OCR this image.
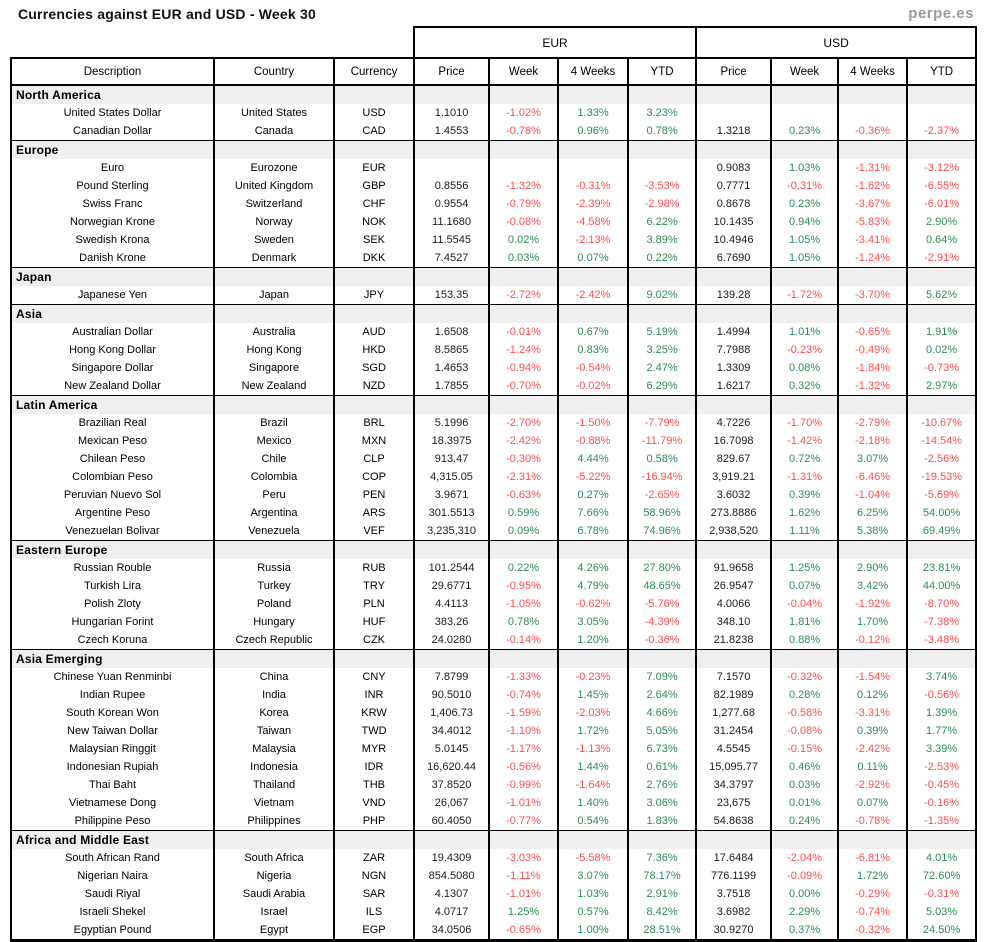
Currencies against EUR and USD - Week 30	perpe.es
			EUR				USD			
Description	Country	Currency	Price	Week	4 Weeks	YTD	Price	Week	4 Weeks	YTD
North America										
United States Dollar	United States	USD	1.1010	-1.02%	1.33%	3.23%				
Canadian Dollar	Canada	CAD	1.4553	-0.78%	0.96%	0.78%	1.3218	0.23%	-0.36%	-2.37%
Europe										
Euro	Eurozone	EUR					0.9083	1.03%	-1.31%	-3.12%
Pound Sterling	United Kingdom	GBP	0.8556	-1.32%	-0.31%	-3.53%	0.7771	-0.31%	-1.62%	-6.55%
Swiss Franc	Switzerland	CHF	0.9554	-0.79%	-2.39%	-2.98%	0.8678	0.23%	-3.67%	-6.01%
Norwegian Krone	Norway	NOK	11.1680	-0.08%	-4.58%	6.22%	10.1435	0.94%	-5.83%	2.90%
Swedish Krona	Sweden	SEK	11.5545	0.02%	-2.13%	3.89%	10.4946	1.05%	-3.41%	0.64%
Danish Krone	Denmark	DKK	7.4527	0.03%	0.07%	0.22%	6.7690	1.05%	-1.24%	-2.91%
Japan										
Japanese Yen	Japan	JPY	153.35	-2.72%	-2.42%	9.02%	139.28	-1.72%	-3.70%	5.62%
Asia										
Australian Dollar	Australia	AUD	1.6508	-0.01%	0.67%	5.19%	1.4994	1.01%	-0.65%	1.91%
Hong Kong Dollar	Hong Kong	HKD	8.5865	-1.24%	0.83%	3.25%	7.7988	-0.23%	-0.49%	0.02%
Singapore Dollar	Singapore	SGD	1.4653	-0.94%	-0.54%	2.47%	1.3309	0.08%	-1.84%	-0.73%
New Zealand Dollar	New Zealand	NZD	1.7855	-0.70%	-0.02%	6.29%	1.6217	0.32%	-1.32%	2.97%
Latin America										
Brazilian Real	Brazil	BRL	5.1996	-2.70%	-1.50%	-7.79%	4.7226	-1.70%	-2.79%	-10.67%
Mexican Peso	Mexico	MXN	18.3975	-2.42%	-0.88%	-11.79%	16.7098	-1.42%	-2.18%	-14.54%
Chilean Peso	Chile	CLP	913.47	-0.30%	4.44%	0.58%	829.67	0.72%	3.07%	-2.56%
Colombian Peso	Colombia	COP	4,315.05	-2.31%	-5.22%	-16.94%	3,919.21	-1.31%	-6.46%	-19.53%
Peruvian Nuevo Sol	Peru	PEN	3.9671	-0.63%	0.27%	-2.65%	3.6032	0.39%	-1.04%	-5.69%
Argentine Peso	Argentina	ARS	301.5513	0.59%	7.66%	58.96%	273.8886	1.62%	6.25%	54.00%
Venezuelan Bolivar	Venezuela	VEF	3,235,310	0.09%	6.78%	74.96%	2,938,520	1.11%	5.38%	69.49%
Eastern Europe										
Russian Rouble	Russia	RUB	101.2544	0.22%	4.26%	27.80%	91.9658	1.25%	2.90%	23.81%
Turkish Lira	Turkey	TRY	29.6771	-0.95%	4.79%	48.65%	26.9547	0.07%	3.42%	44.00%
Polish Zloty	Poland	PLN	4.4113	-1.05%	-0.62%	-5.76%	4.0066	-0.04%	-1.92%	-8.70%
Hungarian Forint	Hungary	HUF	383.26	0.78%	3.05%	-4.39%	348.10	1.81%	1.70%	-7.38%
Czech Koruna	Czech Republic	CZK	24.0280	-0.14%	1.20%	-0.36%	21.8238	0.88%	-0.12%	-3.48%
Asia Emerging										
Chinese Yuan Renminbi	China	CNY	7.8799	-1.33%	-0.23%	7.09%	7.1570	-0.32%	-1.54%	3.74%
Indian Rupee	India	INR	90.5010	-0.74%	1.45%	2.64%	82.1989	0.28%	0.12%	-0.56%
South Korean Won	Korea	KRW	1,406.73	-1.59%	-2.03%	4.66%	1,277.68	-0.58%	-3.31%	1.39%
New Taiwan Dollar	Taiwan	TWD	34.4012	-1.10%	1.72%	5.05%	31.2454	-0.08%	0.39%	1.77%
Malaysian Ringgit	Malaysia	MYR	5.0145	-1.17%	-1.13%	6.73%	4.5545	-0.15%	-2.42%	3.39%
Indonesian Rupiah	Indonesia	IDR	16,620.44	-0.56%	1.44%	0.61%	15,095.77	0.46%	0.11%	-2.53%
Thai Baht	Thailand	THB	37.8520	-0.99%	-1.64%	2.76%	34.3797	0.03%	-2.92%	-0.45%
Vietnamese Dong	Vietnam	VND	26,067	-1.01%	1.40%	3.06%	23,675	0.01%	0.07%	-0.16%
Philippine Peso	Philippines	PHP	60.4050	-0.77%	0.54%	1.83%	54.8638	0.24%	-0.78%	-1.35%
Africa and Middle East										
South African Rand	South Africa	ZAR	19.4309	-3.03%	-5.58%	7.36%	17.6484	-2.04%	-6.81%	4.01%
Nigerian Naira	Nigeria	NGN	854.5080	-1.11%	3.07%	78.17%	776.1199	-0.09%	1.72%	72.60%
Saudi Riyal	Saudi Arabia	SAR	4.1307	-1.01%	1.03%	2.91%	3.7518	0.00%	-0.29%	-0.31%
Israeli Shekel	Israel	ILS	4.0717	1.25%	0.57%	8.42%	3.6982	2.29%	-0.74%	5.03%
Egyptian Pound	Egypt	EGP	34.0506	-0.65%	1.00%	28.51%	30.9270	0.37%	-0.32%	24.50%
